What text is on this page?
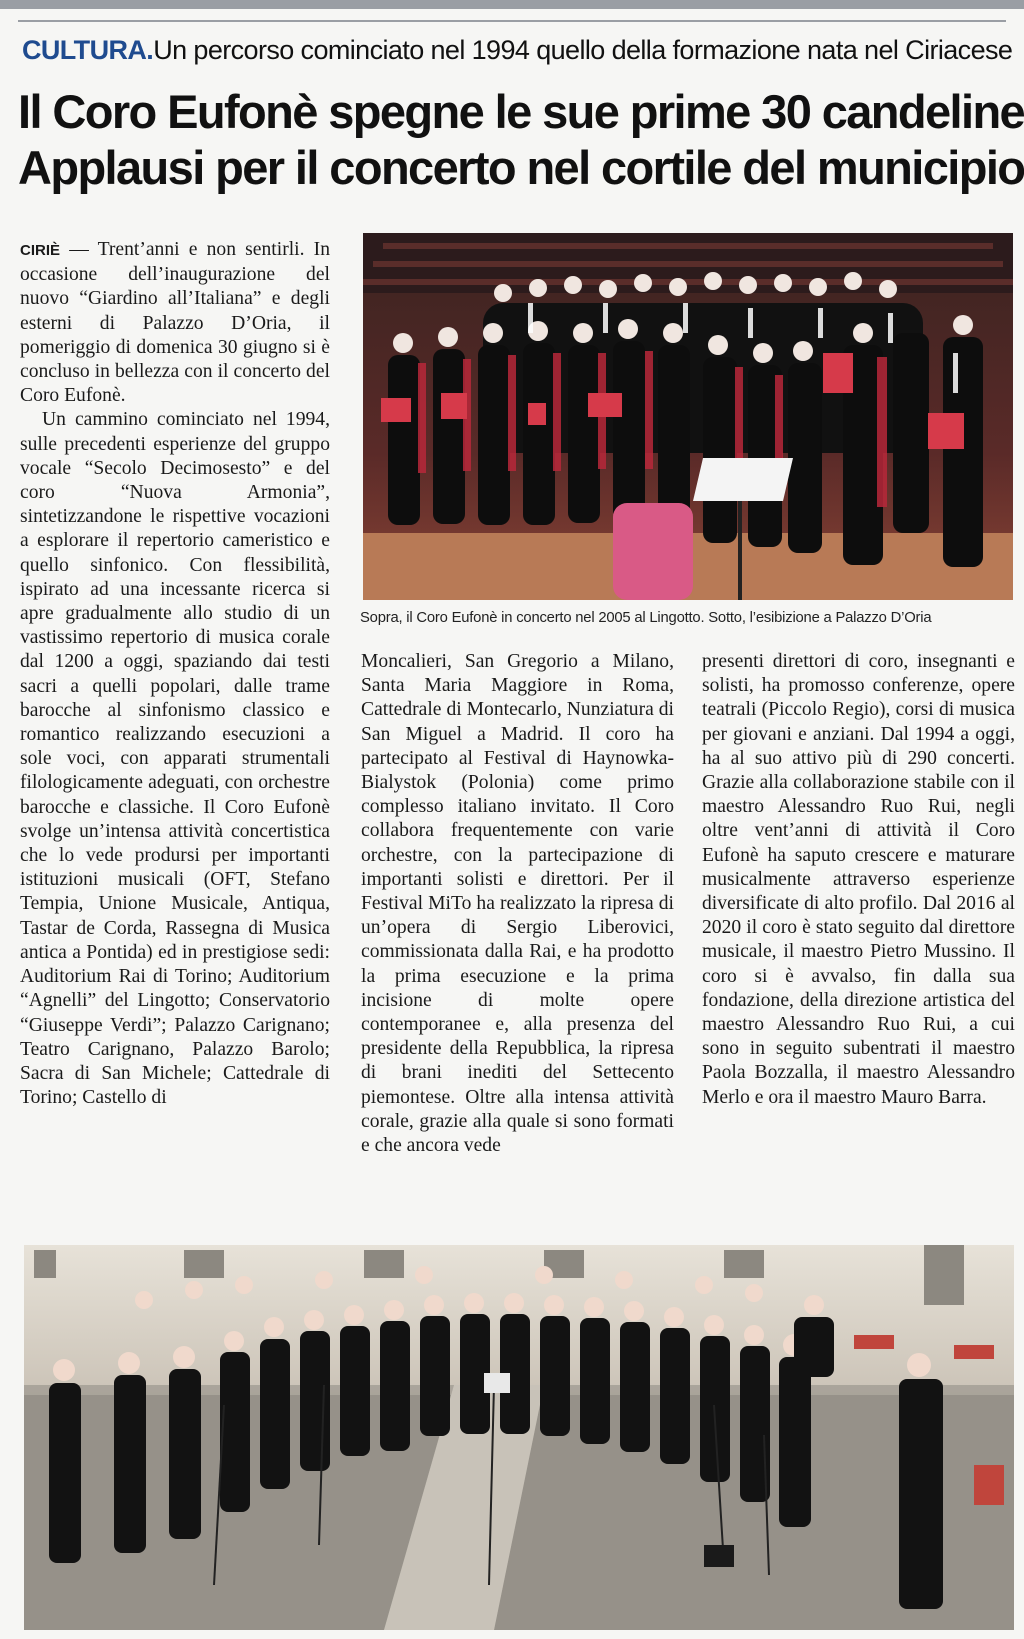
CULTURA.Un percorso cominciato nel 1994 quello della formazione nata nel Ciriacese
Il Coro Eufonè spegne le sue prime 30 candeline
Applausi per il concerto nel cortile del municipio

CIRIÈ — Trent’anni e non sentirli. In occasione dell’inaugurazione del nuovo “Giardino all’Italiana” e degli esterni di Palazzo D’Oria, il pomeriggio di domenica 30 giugno si è concluso in bellezza con il concerto del Coro Eufonè.

Un cammino cominciato nel 1994, sulle precedenti esperienze del gruppo vocale “Secolo Decimosesto” e del coro “Nuova Armonia”, sintetizzandone le rispettive vocazioni a esplorare il repertorio cameristico e quello sinfonico. Con flessibilità, ispirato ad una incessante ricerca si apre gradualmente allo studio di un vastissimo repertorio di musica corale dal 1200 a oggi, spaziando dai testi sacri a quelli popolari, dalle trame barocche al sinfonismo classico e romantico realizzando esecuzioni a sole voci, con apparati strumentali filologicamente adeguati, con orchestre barocche e classiche. Il Coro Eufonè svolge un’intensa attività concertistica che lo vede prodursi per importanti istituzioni musicali (OFT, Stefano Tempia, Unione Musicale, Antiqua, Tastar de Corda, Rassegna di Musica antica a Pontida) ed in prestigiose sedi: Auditorium Rai di Torino; Auditorium “Agnelli” del Lingotto; Conservatorio “Giuseppe Verdi”; Palazzo Carignano; Teatro Carignano, Palazzo Barolo; Sacra di San Michele; Cattedrale di Torino; Castello di

Sopra, il Coro Eufonè in concerto nel 2005 al Lingotto. Sotto, l’esibizione a Palazzo D’Oria

Moncalieri, San Gregorio a Milano, Santa Maria Maggiore in Roma, Cattedrale di Montecarlo, Nunziatura di San Miguel a Madrid. Il coro ha partecipato al Festival di Haynowka-Bialystok (Polonia) come primo complesso italiano invitato. Il Coro collabora frequentemente con varie orchestre, con la partecipazione di importanti solisti e direttori. Per il Festival MiTo ha realizzato la ripresa di un’opera di Sergio Liberovici, commissionata dalla Rai, e ha prodotto la prima esecuzione e la prima incisione di molte opere contemporanee e, alla presenza del presidente della Repubblica, la ripresa di brani inediti del Settecento piemontese. Oltre alla intensa attività corale, grazie alla quale si sono formati e che ancora vede

presenti direttori di coro, insegnanti e solisti, ha promosso conferenze, opere teatrali (Piccolo Regio), corsi di musica per giovani e anziani. Dal 1994 a oggi, ha al suo attivo più di 290 concerti. Grazie alla collaborazione stabile con il maestro Alessandro Ruo Rui, negli oltre vent’anni di attività il Coro Eufonè ha saputo crescere e maturare musicalmente attraverso esperienze diversificate di alto profilo. Dal 2016 al 2020 il coro è stato seguito dal direttore musicale, il maestro Pietro Mussino. Il coro si è avvalso, fin dalla sua fondazione, della direzione artistica del maestro Alessandro Ruo Rui, a cui sono in seguito subentrati il maestro Paola Bozzalla, il maestro Alessandro Merlo e ora il maestro Mauro Barra.
